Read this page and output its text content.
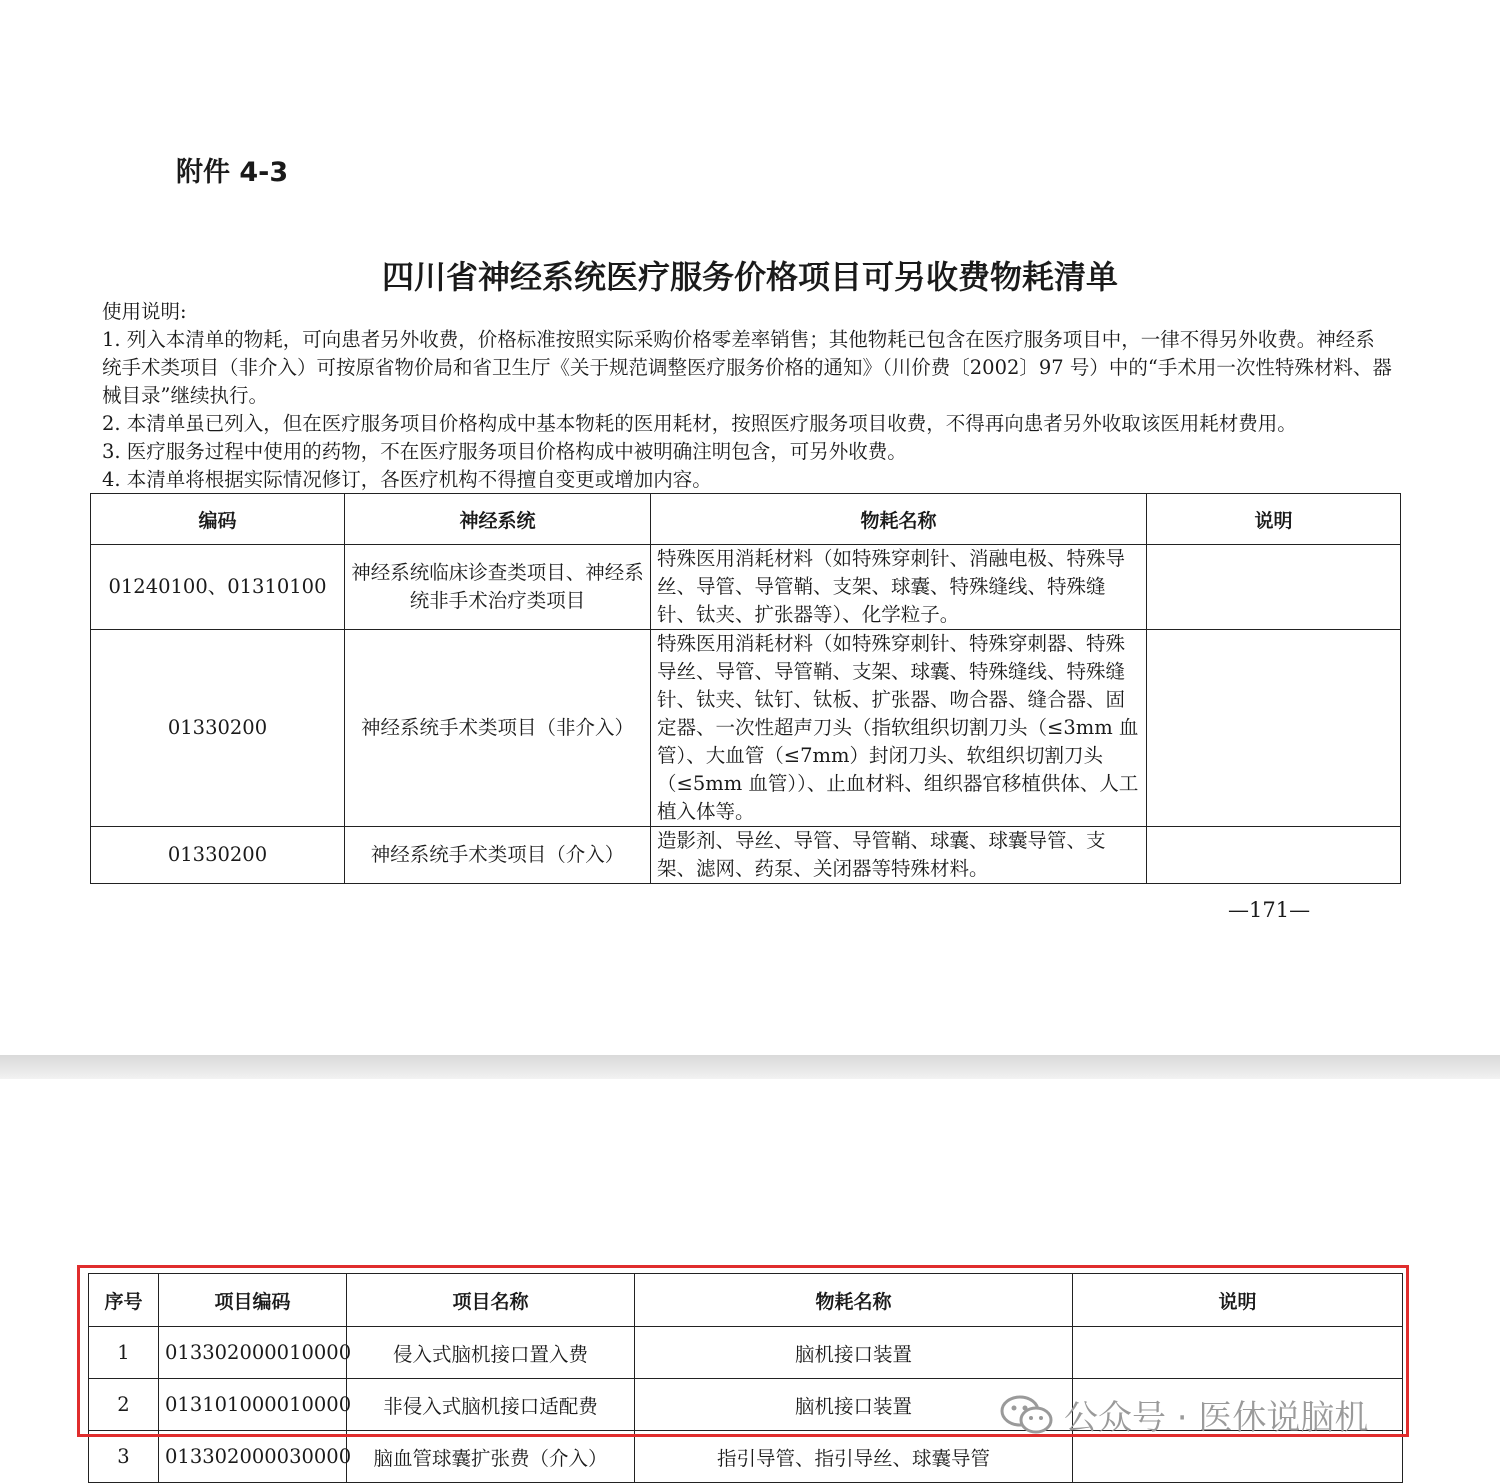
附件 4-3
四川省神经系统医疗服务价格项目可另收费物耗清单

使用说明:

1. 列入本清单的物耗，可向患者另外收费，价格标准按照实际采购价格零差率销售；其他物耗已包含在医疗服务项目中，一律不得另外收费。神经系统手术类项目（非介入）可按原省物价局和省卫生厅《关于规范调整医疗服务价格的通知》（川价费〔2002〕97 号）中的“手术用一次性特殊材料、器械目录”继续执行。

2. 本清单虽已列入，但在医疗服务项目价格构成中基本物耗的医用耗材，按照医疗服务项目收费，不得再向患者另外收取该医用耗材费用。

3. 医疗服务过程中使用的药物，不在医疗服务项目价格构成中被明确注明包含，可另外收费。

4. 本清单将根据实际情况修订，各医疗机构不得擅自变更或增加内容。

编码	神经系统	物耗名称	说明
01240100、01310100	神经系统临床诊查类项目、神经系统非手术治疗类项目	特殊医用消耗材料（如特殊穿刺针、消融电极、特殊导丝、导管、导管鞘、支架、球囊、特殊缝线、特殊缝针、钛夹、扩张器等）、化学粒子。	
01330200	神经系统手术类项目（非介入）	特殊医用消耗材料（如特殊穿刺针、特殊穿刺器、特殊导丝、导管、导管鞘、支架、球囊、特殊缝线、特殊缝针、钛夹、钛钉、钛板、扩张器、吻合器、缝合器、固定器、一次性超声刀头（指软组织切割刀头（≤3mm 血管）、大血管（≤7mm）封闭刀头、软组织切割刀头（≤5mm 血管））、止血材料、组织器官移植供体、人工植入体等。	
01330200	神经系统手术类项目（介入）	造影剂、导丝、导管、导管鞘、球囊、球囊导管、支架、滤网、药泵、关闭器等特殊材料。	
—171—
序号	项目编码	项目名称	物耗名称	说明
1	013302000010000	侵入式脑机接口置入费	脑机接口装置	
2	013101000010000	非侵入式脑机接口适配费	脑机接口装置	
3	013302000030000	脑血管球囊扩张费（介入）	指引导管、指引导丝、球囊导管	
公众号 · 医休说脑机
